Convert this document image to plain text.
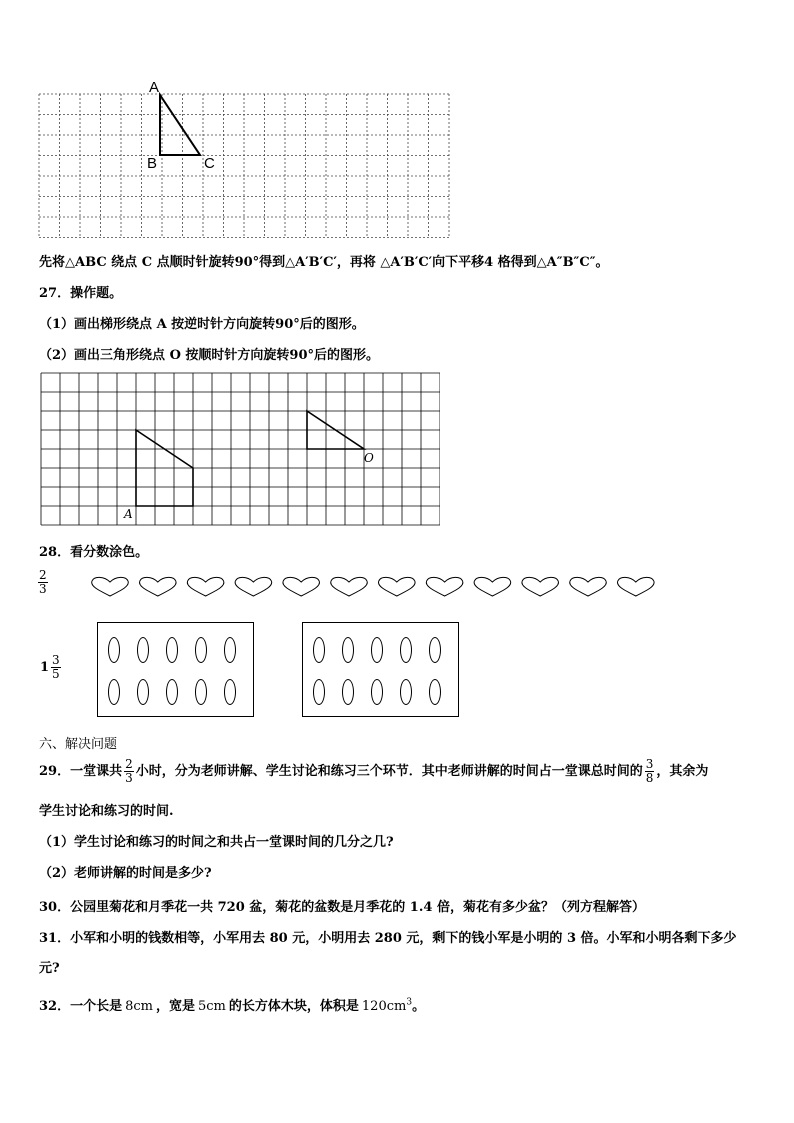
A
B	C
先将△ABC 绕点 C 点顺时针旋转90°得到△A′B′C′，再将 △A′B′C′向下平移4 格得到△A″B″C″。
27．操作题。
（1）画出梯形绕点 A 按逆时针方向旋转90°后的图形。
（2）画出三角形绕点 O 按顺时针方向旋转90°后的图形。
A
O
28．看分数涂色。
$\frac{2}{3}$
$1 \frac{3}{5}$
六、解决问题
29．一堂课共 $\frac{2}{3}$ 小时，分为老师讲解、学生讨论和练习三个环节．其中老师讲解的时间占一堂课总时间的 $\frac{3}{8}$ ，其余为
学生讨论和练习的时间.
（1）学生讨论和练习的时间之和共占一堂课时间的几分之几?
（2）老师讲解的时间是多少?
30．公园里菊花和月季花一共 720 盆，菊花的盆数是月季花的 1.4 倍，菊花有多少盆？（列方程解答）
31．小军和小明的钱数相等，小军用去 80 元，小明用去 280 元，剩下的钱小军是小明的 3 倍。小军和小明各剩下多少
元?
32．一个长是 8cm ，宽是 5cm 的长方体木块，体积是 $120cm^3$。
